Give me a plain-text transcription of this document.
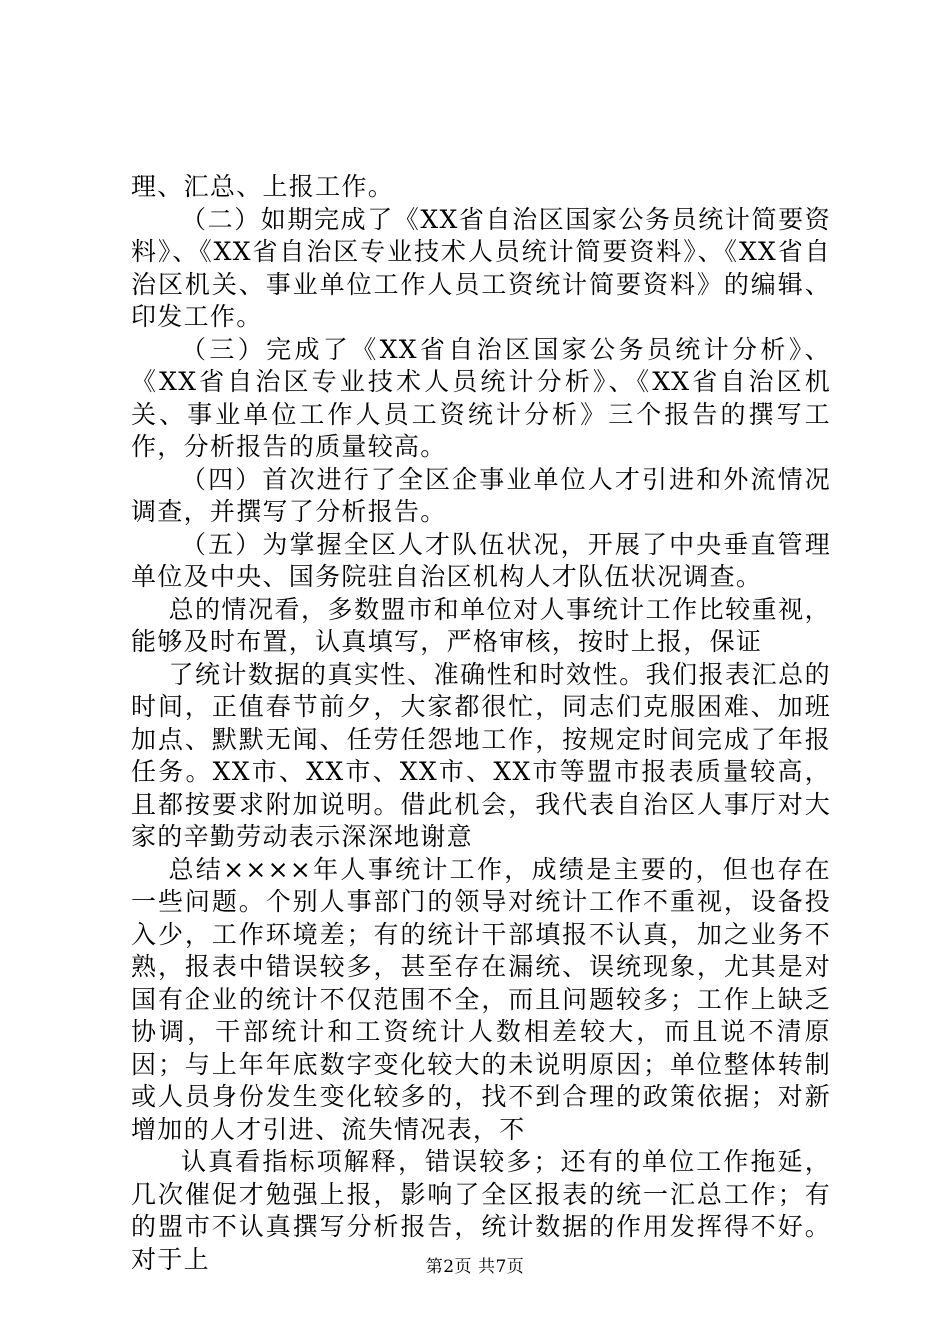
理、汇总、上报工作。

（二）如期完成了《XX省自治区国家公务员统计简要资料》、《XX省自治区专业技术人员统计简要资料》、《XX省自治区机关、事业单位工作人员工资统计简要资料》的编辑、印发工作。

（三）完成了《XX省自治区国家公务员统计分析》、《XX省自治区专业技术人员统计分析》、《XX省自治区机关、事业单位工作人员工资统计分析》三个报告的撰写工作，分析报告的质量较高。

（四）首次进行了全区企事业单位人才引进和外流情况调查，并撰写了分析报告。

（五）为掌握全区人才队伍状况，开展了中央垂直管理单位及中央、国务院驻自治区机构人才队伍状况调查。

总的情况看，多数盟市和单位对人事统计工作比较重视，能够及时布置，认真填写，严格审核，按时上报，保证

了统计数据的真实性、准确性和时效性。我们报表汇总的时间，正值春节前夕，大家都很忙，同志们克服困难、加班加点、默默无闻、任劳任怨地工作，按规定时间完成了年报任务。XX市、XX市、XX市、XX市等盟市报表质量较高，且都按要求附加说明。借此机会，我代表自治区人事厅对大家的辛勤劳动表示深深地谢意

总结××××年人事统计工作，成绩是主要的，但也存在一些问题。个别人事部门的领导对统计工作不重视，设备投入少，工作环境差；有的统计干部填报不认真，加之业务不熟，报表中错误较多，甚至存在漏统、误统现象，尤其是对国有企业的统计不仅范围不全，而且问题较多；工作上缺乏协调，干部统计和工资统计人数相差较大，而且说不清原因；与上年年底数字变化较大的未说明原因；单位整体转制或人员身份发生变化较多的，找不到合理的政策依据；对新增加的人才引进、流失情况表，不

认真看指标项解释，错误较多；还有的单位工作拖延，几次催促才勉强上报，影响了全区报表的统一汇总工作；有的盟市不认真撰写分析报告，统计数据的作用发挥得不好。对于上	第2页 共7页
